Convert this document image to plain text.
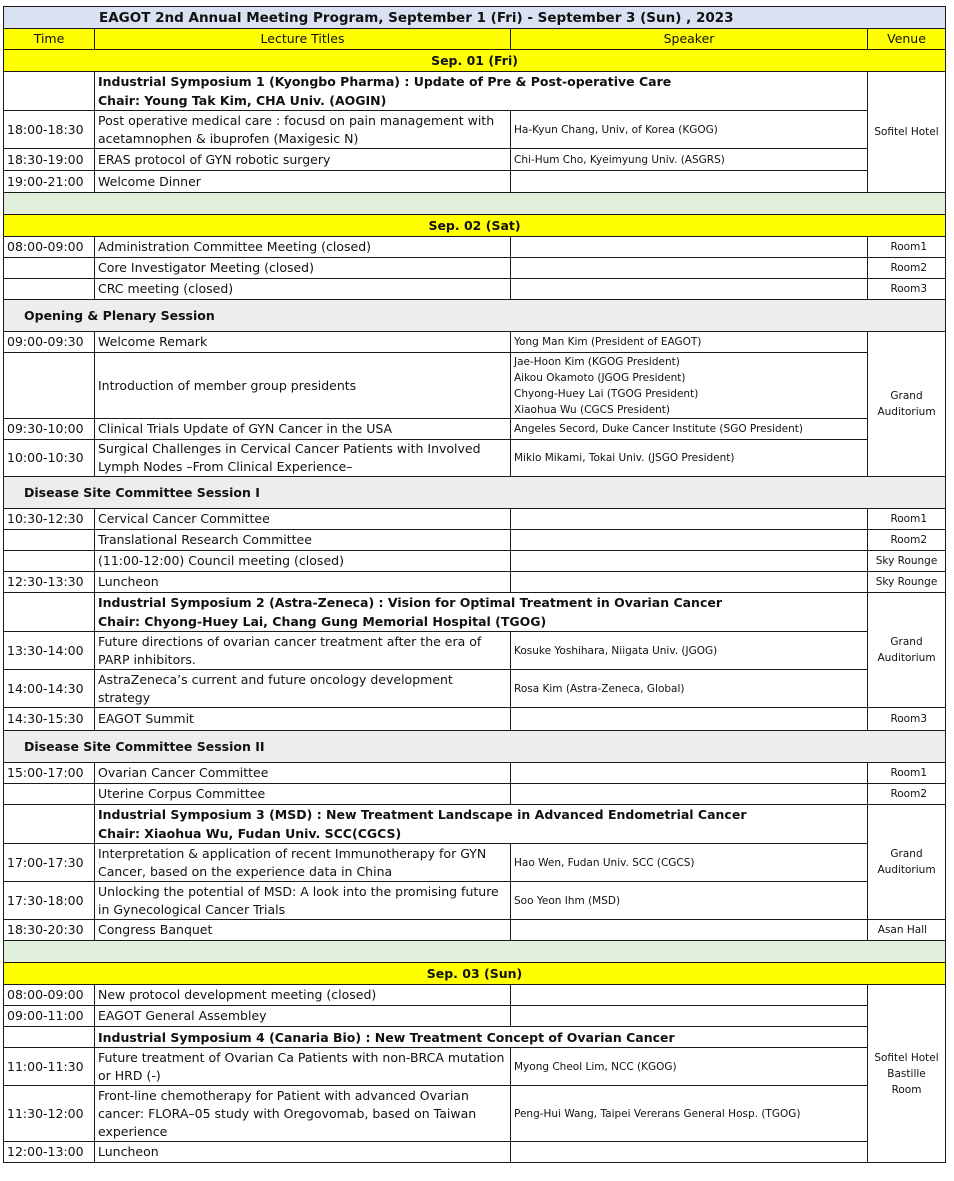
EAGOT 2nd Annual Meeting Program, September 1 (Fri) - September 3 (Sun) , 2023			
Time	Lecture Titles	Speaker	Venue
Sep. 01 (Fri)			

	Industrial Symposium 1 (Kyongbo Pharma) : Update of Pre & Post-operative Care
Chair: Young Tak Kim, CHA Univ. (AOGIN)		Sofitel Hotel
18:00-18:30	Post operative medical care : focusd on pain management with acetamnophen & ibuprofen (Maxigesic N)	Ha-Kyun Chang, Univ, of Korea (KGOG)	
18:30-19:00	ERAS protocol of GYN robotic surgery	Chi-Hum Cho, Kyeimyung Univ. (ASGRS)	
19:00-21:00	Welcome Dinner		

Sep. 02 (Sat)			
08:00-09:00	Administration Committee Meeting (closed)		Room1
	Core Investigator Meeting (closed)		Room2
	CRC meeting (closed)		Room3
Opening & Plenary Session			
09:00-09:30	Welcome Remark	Yong Man Kim (President of EAGOT)	Grand Auditorium
	Introduction of member group presidents	Jae-Hoon Kim (KGOG President)
Aikou Okamoto (JGOG President)
Chyong-Huey Lai (TGOG President)
Xiaohua Wu (CGCS President)	

09:30-10:00	Clinical Trials Update of GYN Cancer in the USA	Angeles Secord, Duke Cancer Institute (SGO President)	
10:00-10:30	Surgical Challenges in Cervical Cancer Patients with Involved Lymph Nodes –From Clinical Experience–	Mikio Mikami, Tokai Univ. (JSGO President)	
Disease Site Committee Session I			
10:30-12:30	Cervical Cancer Committee		Room1
	Translational Research Committee		Room2
	(11:00-12:00) Council meeting (closed)		Sky Rounge
12:30-13:30	Luncheon		Sky Rounge

	Industrial Symposium 2 (Astra-Zeneca) : Vision for Optimal Treatment in Ovarian Cancer
Chair: Chyong-Huey Lai, Chang Gung Memorial Hospital (TGOG)		Grand Auditorium
13:30-14:00	Future directions of ovarian cancer treatment after the era of PARP inhibitors.	Kosuke Yoshihara, Niigata Univ. (JGOG)	
14:00-14:30	AstraZeneca’s current and future oncology development strategy	Rosa Kim (Astra-Zeneca, Global)	
14:30-15:30	EAGOT Summit		Room3
Disease Site Committee Session II			
15:00-17:00	Ovarian Cancer Committee		Room1
	Uterine Corpus Committee		Room2

	Industrial Symposium 3 (MSD) : New Treatment Landscape in Advanced Endometrial Cancer
Chair: Xiaohua Wu, Fudan Univ. SCC(CGCS)		Grand Auditorium
17:00-17:30	Interpretation & application of recent Immunotherapy for GYN Cancer, based on the experience data in China	Hao Wen, Fudan Univ. SCC (CGCS)	
17:30-18:00	Unlocking the potential of MSD: A look into the promising future in Gynecological Cancer Trials	Soo Yeon Ihm (MSD)	
18:30-20:30	Congress Banquet		Asan Hall

Sep. 03 (Sun)			
08:00-09:00	New protocol development meeting (closed)		Sofitel Hotel Bastille Room
09:00-11:00	EAGOT General Assembley		
	Industrial Symposium 4 (Canaria Bio) : New Treatment Concept of Ovarian Cancer		
11:00-11:30	Future treatment of Ovarian Ca Patients with non-BRCA mutation or HRD (-)	Myong Cheol Lim, NCC (KGOG)	
11:30-12:00	Front-line chemotherapy for Patient with advanced Ovarian cancer: FLORA–05 study with Oregovomab, based on Taiwan experience	Peng-Hui Wang, Taipei Vererans General Hosp. (TGOG)	
12:00-13:00	Luncheon		
